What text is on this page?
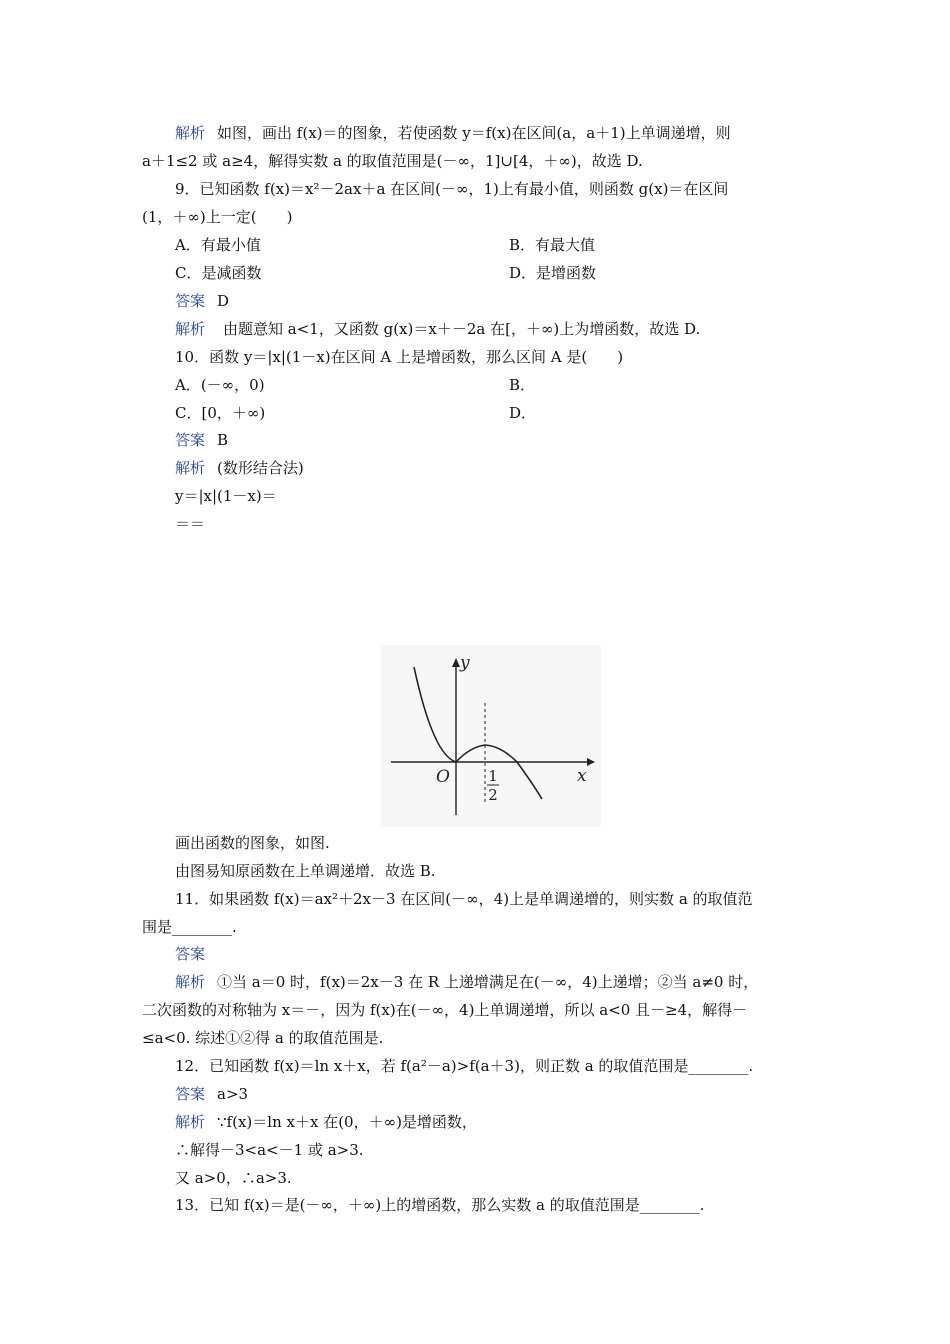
解析 如图，画出 f(x)＝的图象，若使函数 y＝f(x)在区间(a，a＋1)上单调递增，则
a＋1≤2 或 a≥4，解得实数 a 的取值范围是(－∞，1]∪[4，＋∞)，故选 D.
9．已知函数 f(x)＝x²－2ax＋a 在区间(－∞，1)上有最小值，则函数 g(x)＝在区间
(1，＋∞)上一定(　　)
A．有最小值	B．有最大值
C．是减函数	D．是增函数
答案 D
解析 由题意知 a<1，又函数 g(x)＝x＋－2a 在[，＋∞)上为增函数，故选 D.
10．函数 y＝|x|(1－x)在区间 A 上是增函数，那么区间 A 是(　　)
A．(－∞，0)	B．
C．[0，＋∞)	D．
答案 B
解析 (数形结合法)
y＝|x|(1－x)＝
＝＝
y
x
O	1
2
画出函数的图象，如图.
由图易知原函数在上单调递增．故选 B.
11．如果函数 f(x)＝ax²＋2x－3 在区间(－∞，4)上是单调递增的，则实数 a 的取值范
围是________.
答案
解析 ①当 a＝0 时，f(x)＝2x－3 在 R 上递增满足在(－∞，4)上递增；②当 a≠0 时，
二次函数的对称轴为 x＝－，因为 f(x)在(－∞，4)上单调递增，所以 a<0 且－≥4，解得－
≤a<0. 综述①②得 a 的取值范围是.
12．已知函数 f(x)＝ln x＋x，若 f(a²－a)>f(a＋3)，则正数 a 的取值范围是________.
答案 a>3
解析 ∵f(x)＝ln x＋x 在(0，＋∞)是增函数，
∴解得－3<a<－1 或 a>3.
又 a>0，∴a>3.
13．已知 f(x)＝是(－∞，＋∞)上的增函数，那么实数 a 的取值范围是________.
